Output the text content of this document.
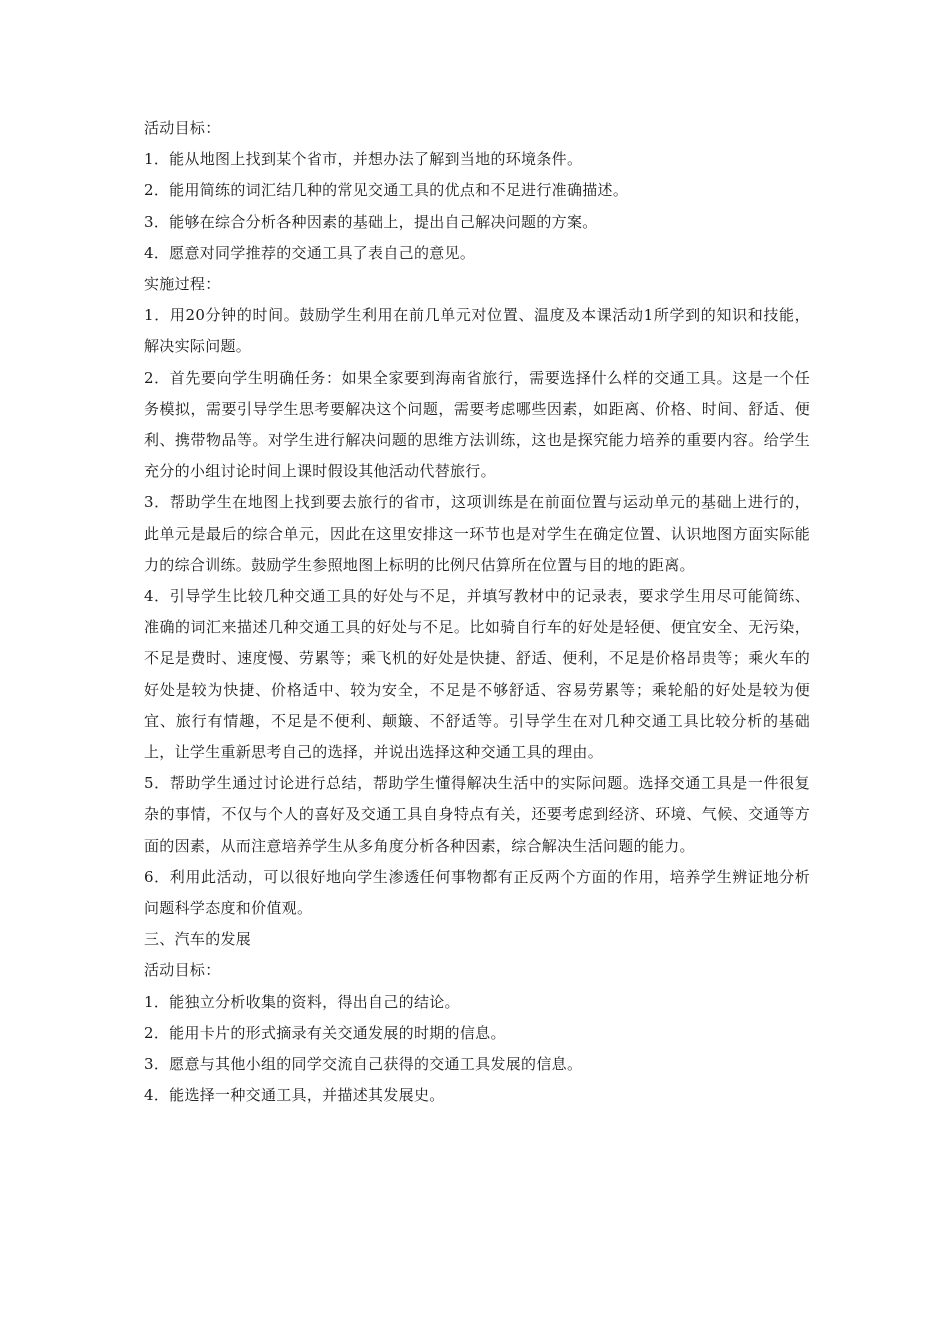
活动目标：

1．能从地图上找到某个省市，并想办法了解到当地的环境条件。

2．能用简练的词汇结几种的常见交通工具的优点和不足进行准确描述。

3．能够在综合分析各种因素的基础上，提出自己解决问题的方案。

4．愿意对同学推荐的交通工具了表自己的意见。

实施过程：

1．用20分钟的时间。鼓励学生利用在前几单元对位置、温度及本课活动1所学到的知识和技能，解决实际问题。

2．首先要向学生明确任务：如果全家要到海南省旅行，需要选择什么样的交通工具。这是一个任务模拟，需要引导学生思考要解决这个问题，需要考虑哪些因素，如距离、价格、时间、舒适、便利、携带物品等。对学生进行解决问题的思维方法训练，这也是探究能力培养的重要内容。给学生充分的小组讨论时间上课时假设其他活动代替旅行。

3．帮助学生在地图上找到要去旅行的省市，这项训练是在前面位置与运动单元的基础上进行的，此单元是最后的综合单元，因此在这里安排这一环节也是对学生在确定位置、认识地图方面实际能力的综合训练。鼓励学生参照地图上标明的比例尺估算所在位置与目的地的距离。

4．引导学生比较几种交通工具的好处与不足，并填写教材中的记录表，要求学生用尽可能简练、准确的词汇来描述几种交通工具的好处与不足。比如骑自行车的好处是轻便、便宜安全、无污染，不足是费时、速度慢、劳累等；乘飞机的好处是快捷、舒适、便利，不足是价格昂贵等；乘火车的好处是较为快捷、价格适中、较为安全，不足是不够舒适、容易劳累等；乘轮船的好处是较为便宜、旅行有情趣，不足是不便利、颠簸、不舒适等。引导学生在对几种交通工具比较分析的基础上，让学生重新思考自己的选择，并说出选择这种交通工具的理由。

5．帮助学生通过讨论进行总结，帮助学生懂得解决生活中的实际问题。选择交通工具是一件很复杂的事情，不仅与个人的喜好及交通工具自身特点有关，还要考虑到经济、环境、气候、交通等方面的因素，从而注意培养学生从多角度分析各种因素，综合解决生活问题的能力。

6．利用此活动，可以很好地向学生渗透任何事物都有正反两个方面的作用，培养学生辨证地分析问题科学态度和价值观。

三、汽车的发展

活动目标：

1．能独立分析收集的资料，得出自己的结论。

2．能用卡片的形式摘录有关交通发展的时期的信息。

3．愿意与其他小组的同学交流自己获得的交通工具发展的信息。

4．能选择一种交通工具，并描述其发展史。
